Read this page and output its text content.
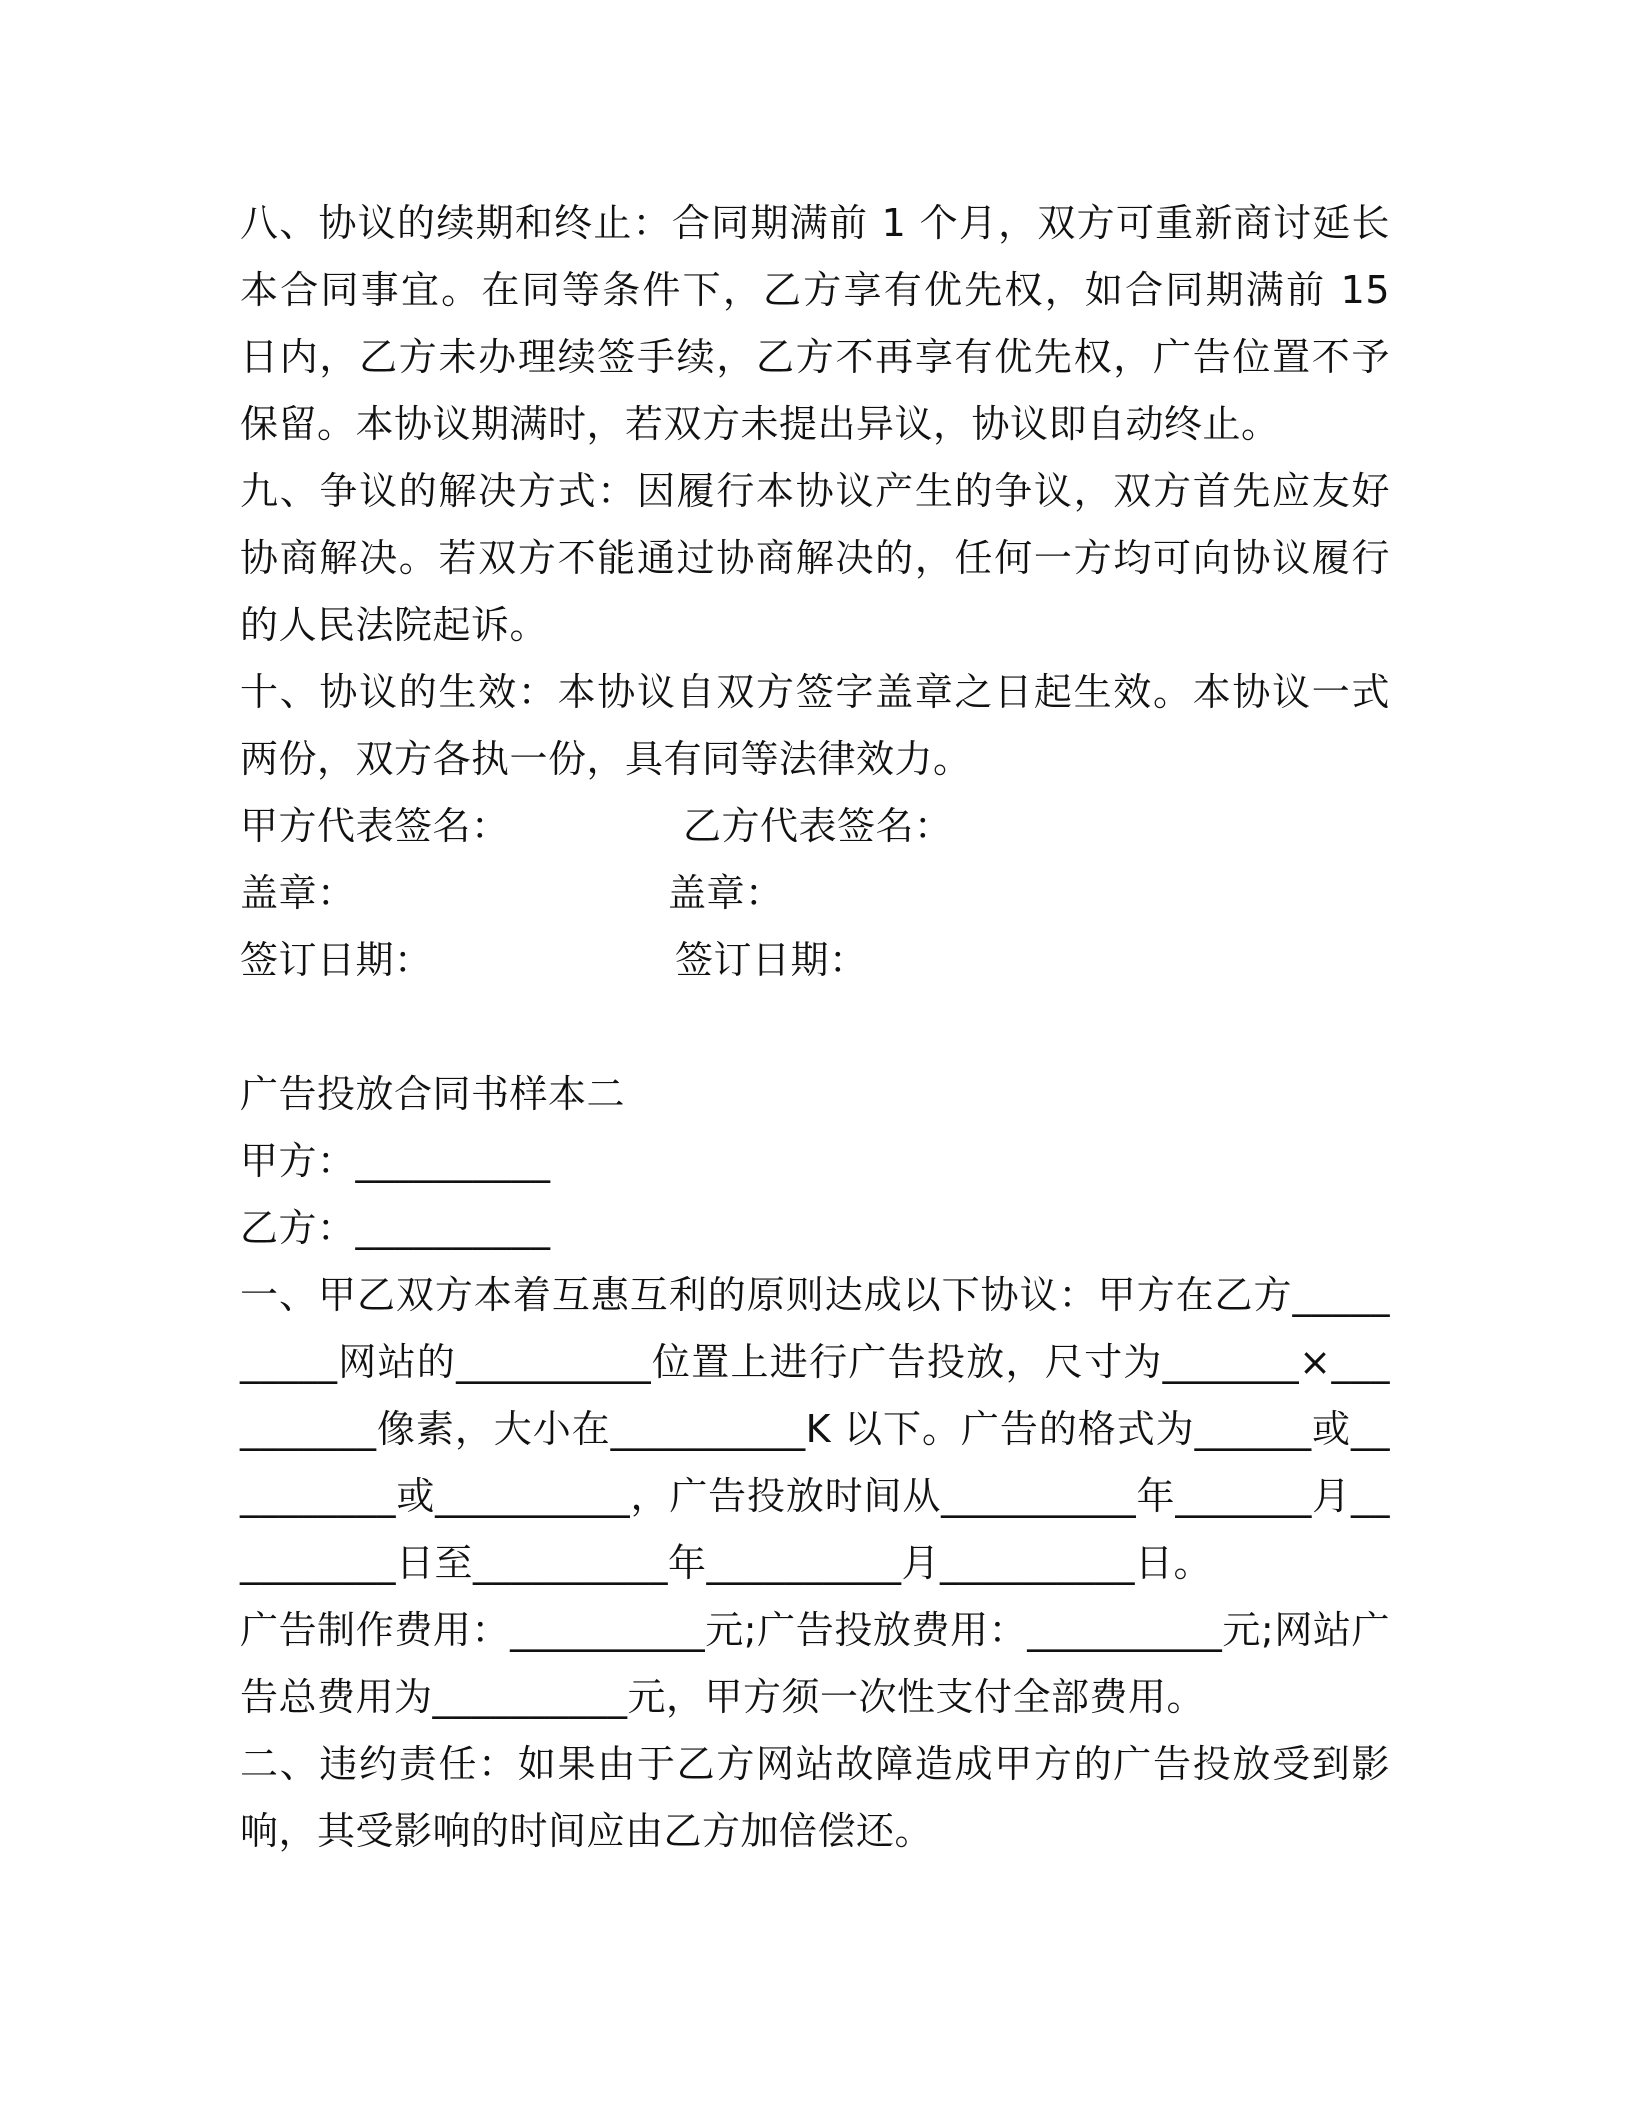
八、协议的续期和终止：合同期满前 1 个月，双方可重新商讨延长本合同事宜。在同等条件下，乙方享有优先权，如合同期满前 15 日内，乙方未办理续签手续，乙方不再享有优先权，广告位置不予保留。本协议期满时，若双方未提出异议，协议即自动终止。

九、争议的解决方式：因履行本协议产生的争议，双方首先应友好协商解决。若双方不能通过协商解决的，任何一方均可向协议履行的人民法院起诉。

十、协议的生效：本协议自双方签字盖章之日起生效。本协议一式两份，双方各执一份，具有同等法律效力。

甲方代表签名：	乙方代表签名：
盖章：	盖章：
签订日期：	签订日期：
广告投放合同书样本二
甲方：__________
乙方：__________

一、甲乙双方本着互惠互利的原则达成以下协议：甲方在乙方__________网站的__________位置上进行广告投放，尺寸为_______×__________像素，大小在__________K 以下。广告的格式为______或__________或__________，广告投放时间从__________年_______月__________日至__________年__________月__________日。

广告制作费用：__________元;广告投放费用：__________元;网站广告总费用为__________元，甲方须一次性支付全部费用。

二、违约责任：如果由于乙方网站故障造成甲方的广告投放受到影响，其受影响的时间应由乙方加倍偿还。
